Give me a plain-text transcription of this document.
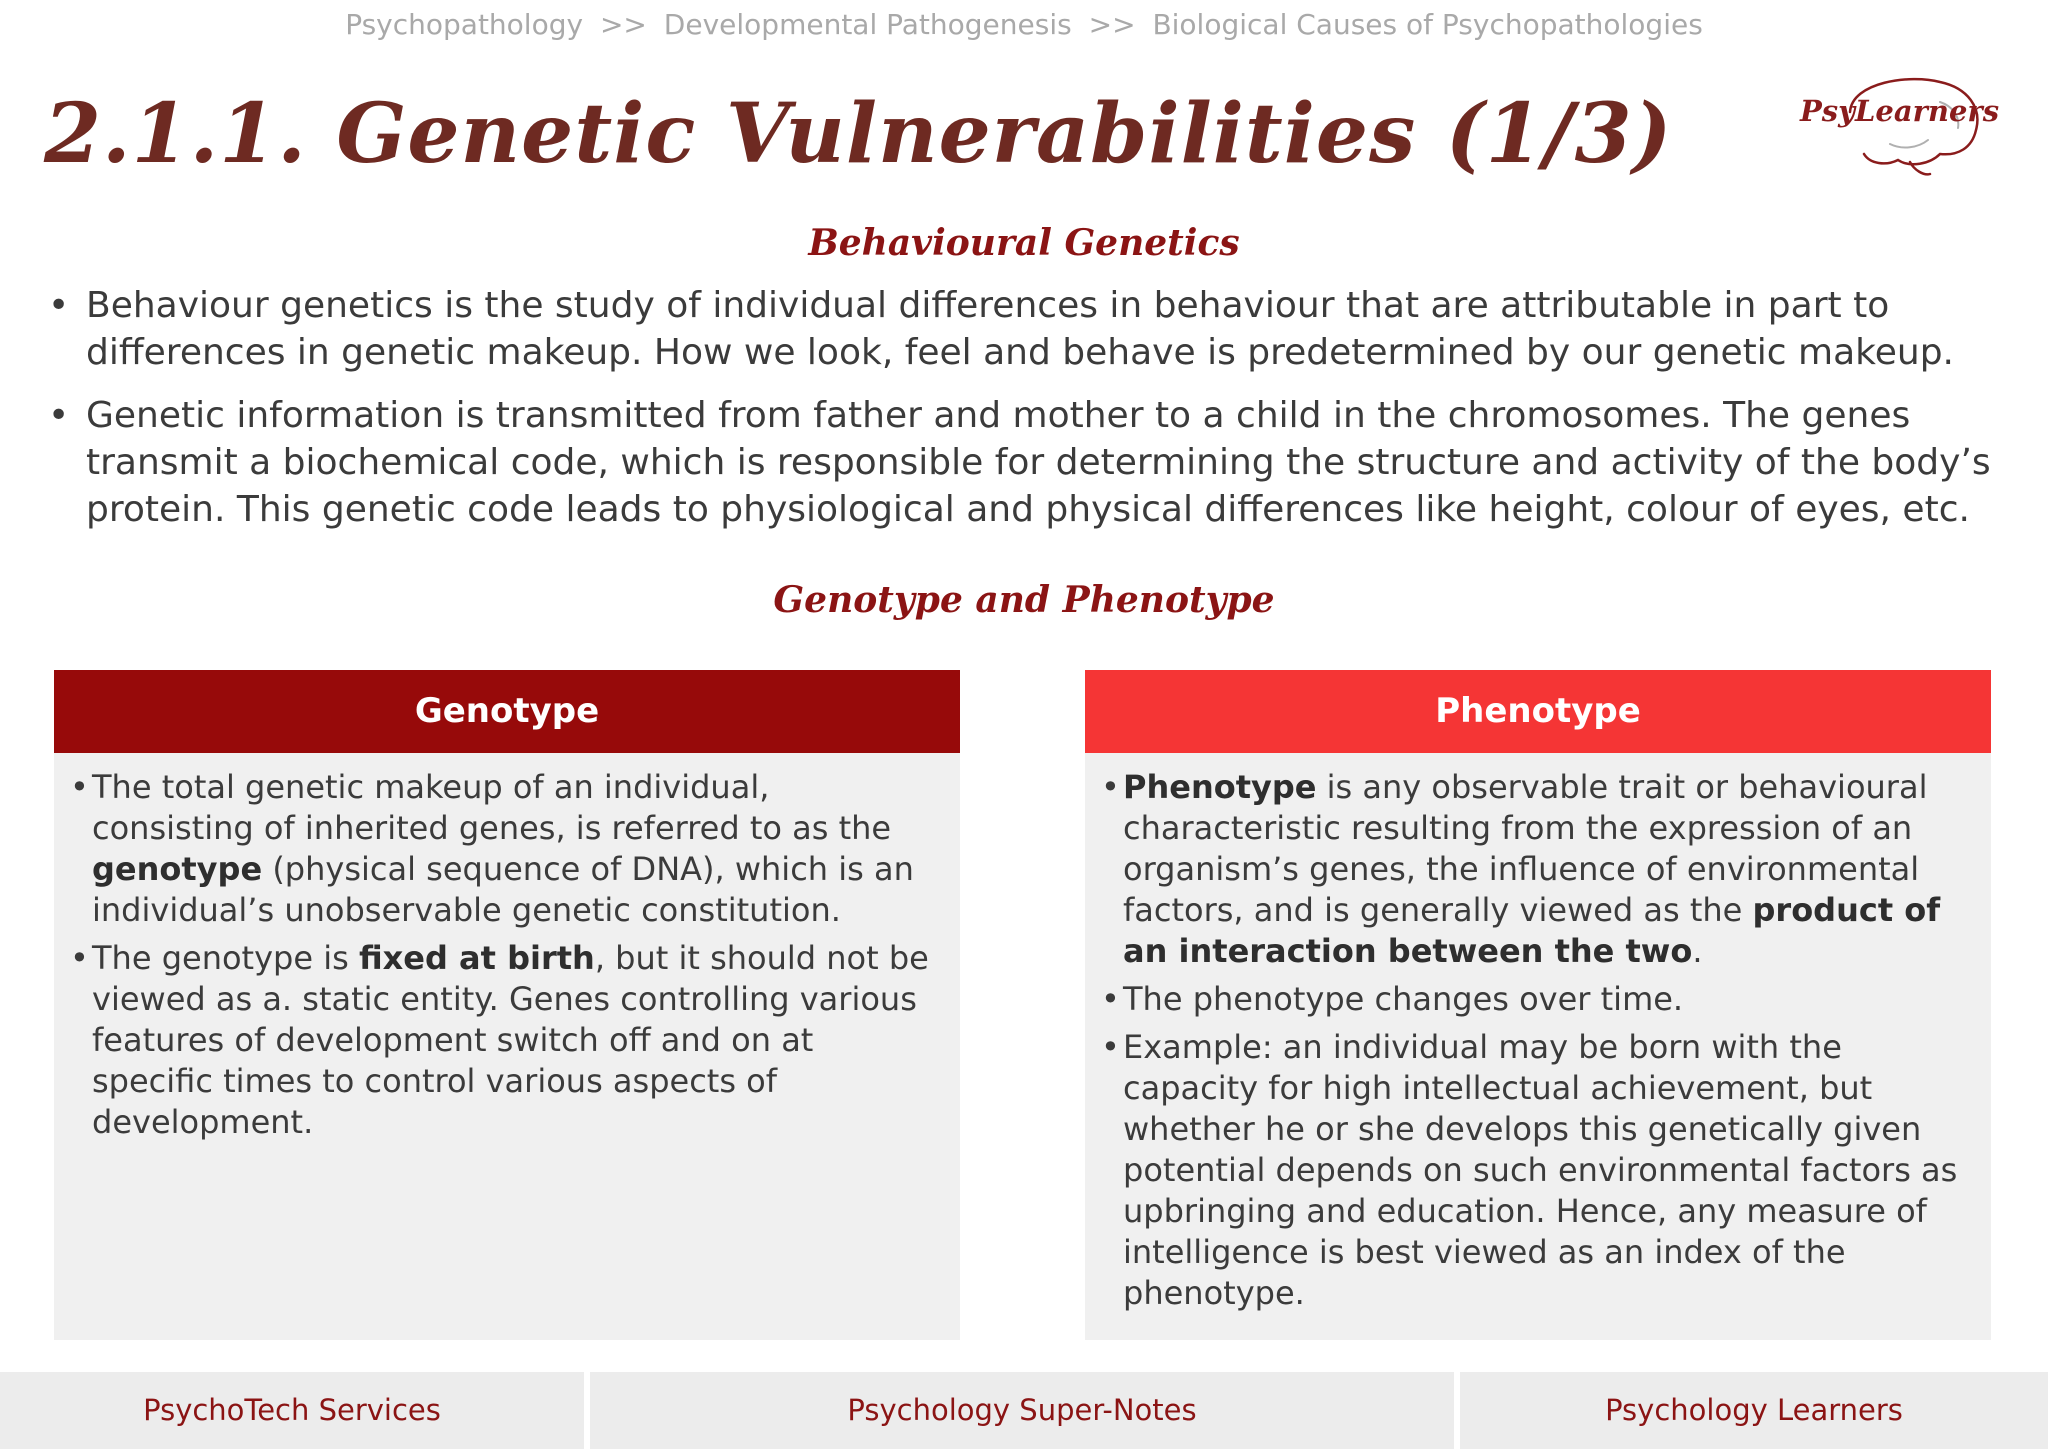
Psychopathology >> Developmental Pathogenesis >> Biological Causes of Psychopathologies
2.1.1. Genetic Vulnerabilities (1/3)	PsyLearners
Behavioural Genetics
• Behaviour genetics is the study of individual differences in behaviour that are attributable in part to differences in genetic makeup. How we look, feel and behave is predetermined by our genetic makeup.
• Genetic information is transmitted from father and mother to a child in the chromosomes. The genes transmit a biochemical code, which is responsible for determining the structure and activity of the body’s protein. This genetic code leads to physiological and physical differences like height, colour of eyes, etc.
Genotype and Phenotype
Genotype
• The total genetic makeup of an individual, consisting of inherited genes, is referred to as the genotype (physical sequence of DNA), which is an individual’s unobservable genetic constitution.
• The genotype is fixed at birth, but it should not be viewed as a. static entity. Genes controlling various features of development switch off and on at specific times to control various aspects of development.
Phenotype
• Phenotype is any observable trait or behavioural characteristic resulting from the expression of an organism’s genes, the influence of environmental factors, and is generally viewed as the product of an interaction between the two.
• The phenotype changes over time.
• Example: an individual may be born with the capacity for high intellectual achievement, but whether he or she develops this genetically given potential depends on such environmental factors as upbringing and education. Hence, any measure of intelligence is best viewed as an index of the phenotype.
PsychoTech Services	Psychology Super-Notes	Psychology Learners
